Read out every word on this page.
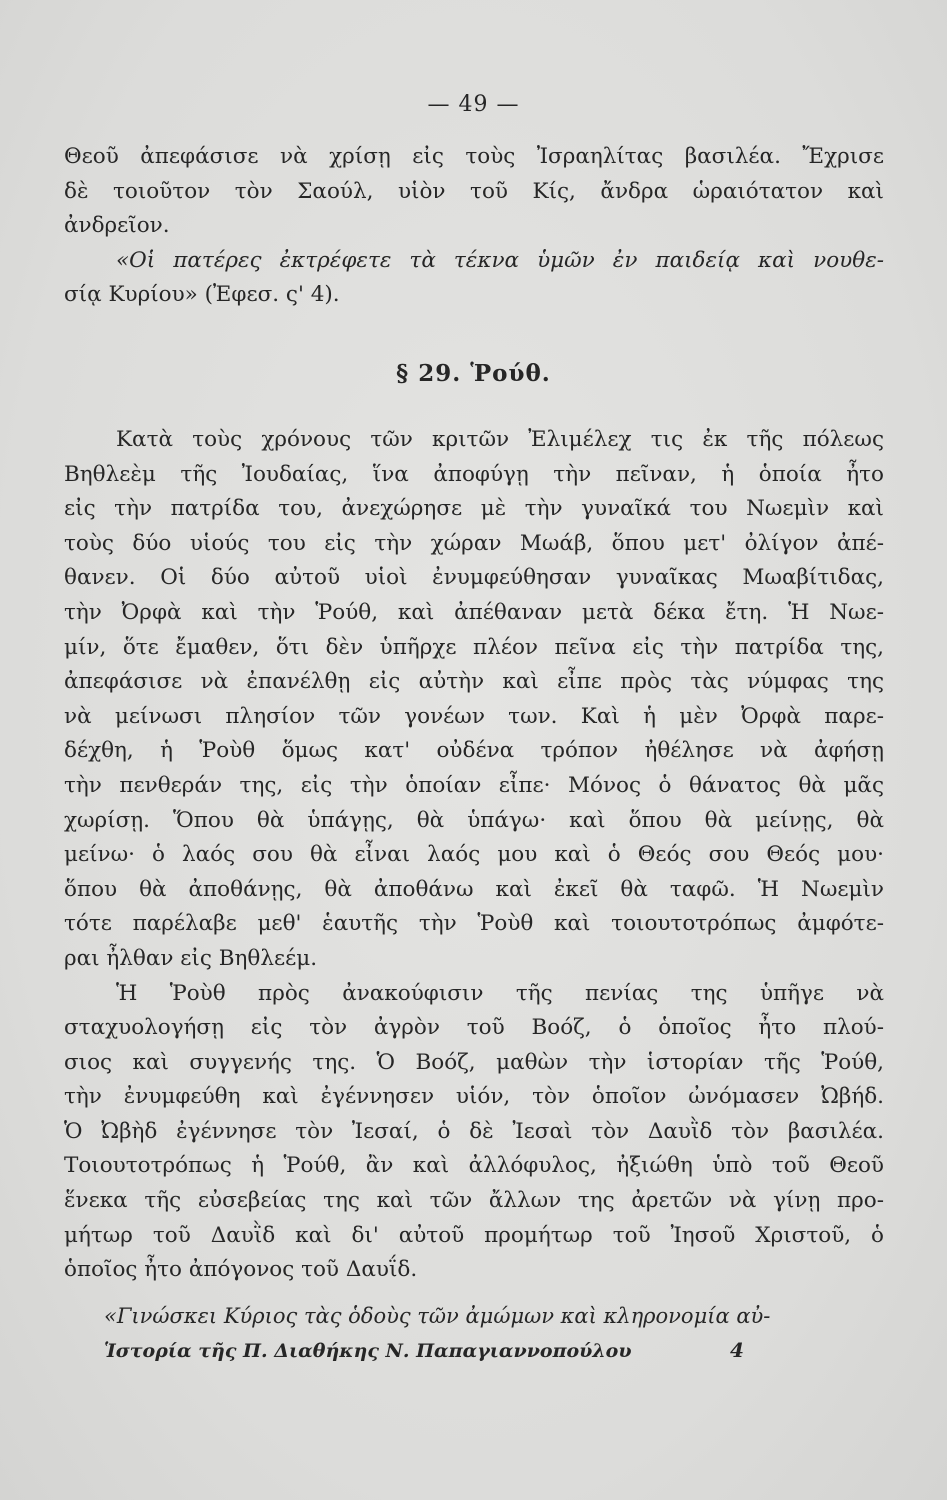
— 49 —
Θεοῦ ἀπεφάσισε νὰ χρίσῃ εἰς τοὺς Ἰσραηλίτας βασιλέα. Ἔχρισε
δὲ τοιοῦτον τὸν Σαούλ, υἱὸν τοῦ Κίς, ἄνδρα ὡραιότατον καὶ
ἀνδρεῖον.
«Οἱ πατέρες ἐκτρέφετε τὰ τέκνα ὑμῶν ἐν παιδείᾳ καὶ νουθε-
σίᾳ Κυρίου» (Ἐφεσ. ς' 4).
§ 29. Ῥούθ.
Κατὰ τοὺς χρόνους τῶν κριτῶν Ἐλιμέλεχ τις ἐκ τῆς πόλεως
Βηθλεὲμ τῆς Ἰουδαίας, ἵνα ἀποφύγῃ τὴν πεῖναν, ἡ ὁποία ἦτο
εἰς τὴν πατρίδα του, ἀνεχώρησε μὲ τὴν γυναῖκά του Νωεμὶν καὶ
τοὺς δύο υἱούς του εἰς τὴν χώραν Μωάβ, ὅπου μετ' ὀλίγον ἀπέ-
θανεν. Οἱ δύο αὐτοῦ υἱοὶ ἐνυμφεύθησαν γυναῖκας Μωαβίτιδας,
τὴν Ὀρφὰ καὶ τὴν Ῥούθ, καὶ ἀπέθαναν μετὰ δέκα ἔτη. Ἡ Νωε-
μίν, ὅτε ἔμαθεν, ὅτι δὲν ὑπῆρχε πλέον πεῖνα εἰς τὴν πατρίδα της,
ἀπεφάσισε νὰ ἐπανέλθῃ εἰς αὐτὴν καὶ εἶπε πρὸς τὰς νύμφας της
νὰ μείνωσι πλησίον τῶν γονέων των. Καὶ ἡ μὲν Ὀρφὰ παρε-
δέχθη, ἡ Ῥοὺθ ὅμως κατ' οὐδένα τρόπον ἠθέλησε νὰ ἀφήσῃ
τὴν πενθεράν της, εἰς τὴν ὁποίαν εἶπε· Μόνος ὁ θάνατος θὰ μᾶς
χωρίσῃ. Ὅπου θὰ ὑπάγῃς, θὰ ὑπάγω· καὶ ὅπου θὰ μείνῃς, θὰ
μείνω· ὁ λαός σου θὰ εἶναι λαός μου καὶ ὁ Θεός σου Θεός μου·
ὅπου θὰ ἀποθάνῃς, θὰ ἀποθάνω καὶ ἐκεῖ θὰ ταφῶ. Ἡ Νωεμὶν
τότε παρέλαβε μεθ' ἑαυτῆς τὴν Ῥοὺθ καὶ τοιουτοτρόπως ἀμφότε-
ραι ἦλθαν εἰς Βηθλεέμ.
Ἡ Ῥοὺθ πρὸς ἀνακούφισιν τῆς πενίας της ὑπῆγε νὰ
σταχυολογήσῃ εἰς τὸν ἀγρὸν τοῦ Βοόζ, ὁ ὁποῖος ἦτο πλού-
σιος καὶ συγγενής της. Ὁ Βοόζ, μαθὼν τὴν ἱστορίαν τῆς Ῥούθ,
τὴν ἐνυμφεύθη καὶ ἐγέννησεν υἱόν, τὸν ὁποῖον ὠνόμασεν Ὠβήδ.
Ὁ Ὠβὴδ ἐγέννησε τὸν Ἰεσαί, ὁ δὲ Ἰεσαὶ τὸν Δαυῒδ τὸν βασιλέα.
Τοιουτοτρόπως ἡ Ῥούθ, ἂν καὶ ἀλλόφυλος, ἠξιώθη ὑπὸ τοῦ Θεοῦ
ἕνεκα τῆς εὐσεβείας της καὶ τῶν ἄλλων της ἀρετῶν νὰ γίνῃ προ-
μήτωρ τοῦ Δαυῒδ καὶ δι' αὐτοῦ προμήτωρ τοῦ Ἰησοῦ Χριστοῦ, ὁ
ὁποῖος ἦτο ἀπόγονος τοῦ Δαυΐδ.
«Γινώσκει Κύριος τὰς ὁδοὺς τῶν ἀμώμων καὶ κληρονομία αὐ-
Ἱστορία τῆς Π. Διαθήκης Ν. Παπαγιαννοπούλου	4
